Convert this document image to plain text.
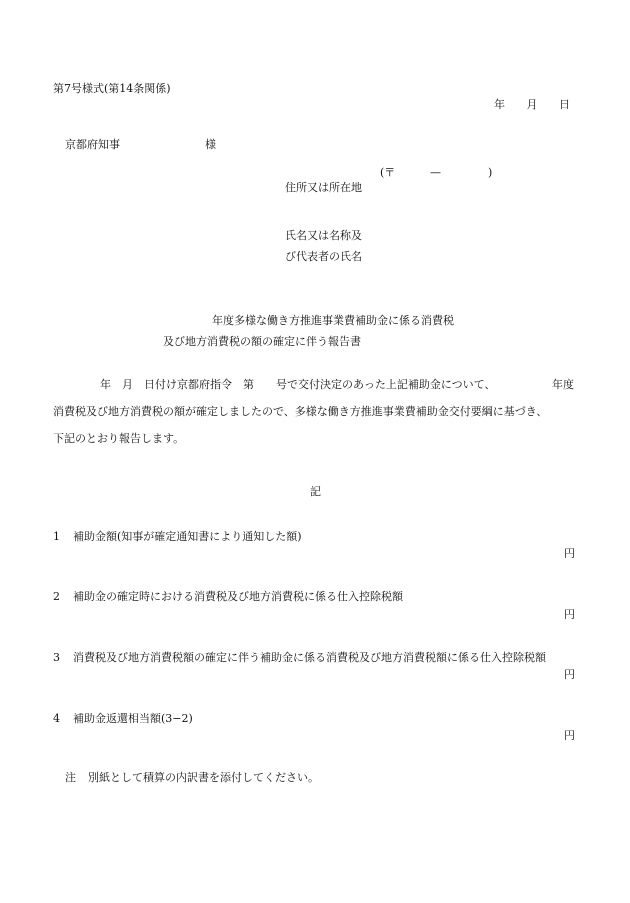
第7号様式(第14条関係)
年 月 日
京都府知事	様
(〒	—	)
住所又は所在地
氏名又は名称及
び代表者の氏名
年度多様な働き方推進事業費補助金に係る消費税
及び地方消費税の額の確定に伴う報告書
年　月　日付け京都府指令　第　　号で交付決定のあった上記補助金について、	年度
消費税及び地方消費税の額が確定しましたので、多様な働き方推進事業費補助金交付要綱に基づき、
下記のとおり報告します。
記
1 補助金額(知事が確定通知書により通知した額)
円
2 補助金の確定時における消費税及び地方消費税に係る仕入控除税額
円
3 消費税及び地方消費税額の確定に伴う補助金に係る消費税及び地方消費税額に係る仕入控除税額
円
4 補助金返還相当額(3−2)
円
注 別紙として積算の内訳書を添付してください。
